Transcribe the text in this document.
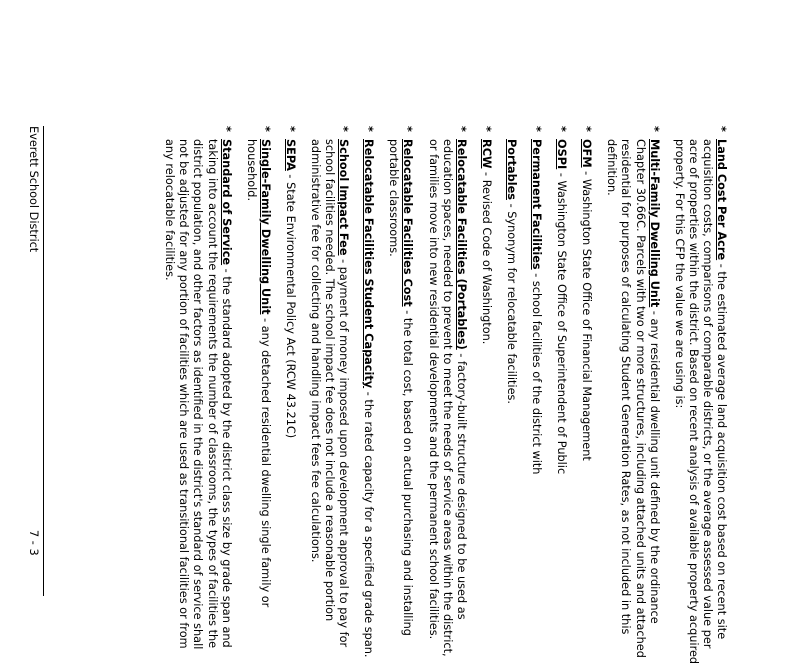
*
Land Cost Per Acre - the estimated average land acquisition cost based on recent site acquisition costs, comparisons of comparable districts, or the average assessed value per acre of properties within the district. Based on recent analysis of available property acquired property. For this CFP the value we are using is:
*
Multi-Family Dwelling Unit - any residential dwelling unit defined by the ordinance Chapter 30.66C. Parcels with two or more structures, including attached units and attached residential for purposes of calculating Student Generation Rates, as not included in this definition.
*
OFM - Washington State Office of Financial Management
*
OSPI - Washington State Office of Superintendent of Public
*
Permanent Facilities - school facilities of the district with
Portables - Synonym for relocatable facilities.
*
RCW - Revised Code of Washington.
*
Relocatable Facilities (Portables) - factory-built structure designed to be used as education spaces, needed to prevent to meet the needs of service areas within the district, or families move into new residential developments and the permanent school facilities.
*
Relocatable Facilities Cost - the total cost, based on actual purchasing and installing portable classrooms.
*
Relocatable Facilities Student Capacity - the rated capacity for a specified grade span.
*
School Impact Fee - payment of money imposed upon development approval to pay for school facilities needed. The school impact fee does not include a reasonable portion administrative fee for collecting and handling impact fees fee calculations.
*
SEPA - State Environmental Policy Act (RCW 43.21C)
*
Single-Family Dwelling Unit - any detached residential dwelling single family or household.
*
Standard of Service - the standard adopted by the district class size by grade span and taking into account the requirements the number of classrooms, the types of facilities the district population, and other factors as identified in the district's standard of service shall not be adjusted for any portion of facilities which are used as transitional facilities or from any relocatable facilities.
Everett School District
7 - 3
